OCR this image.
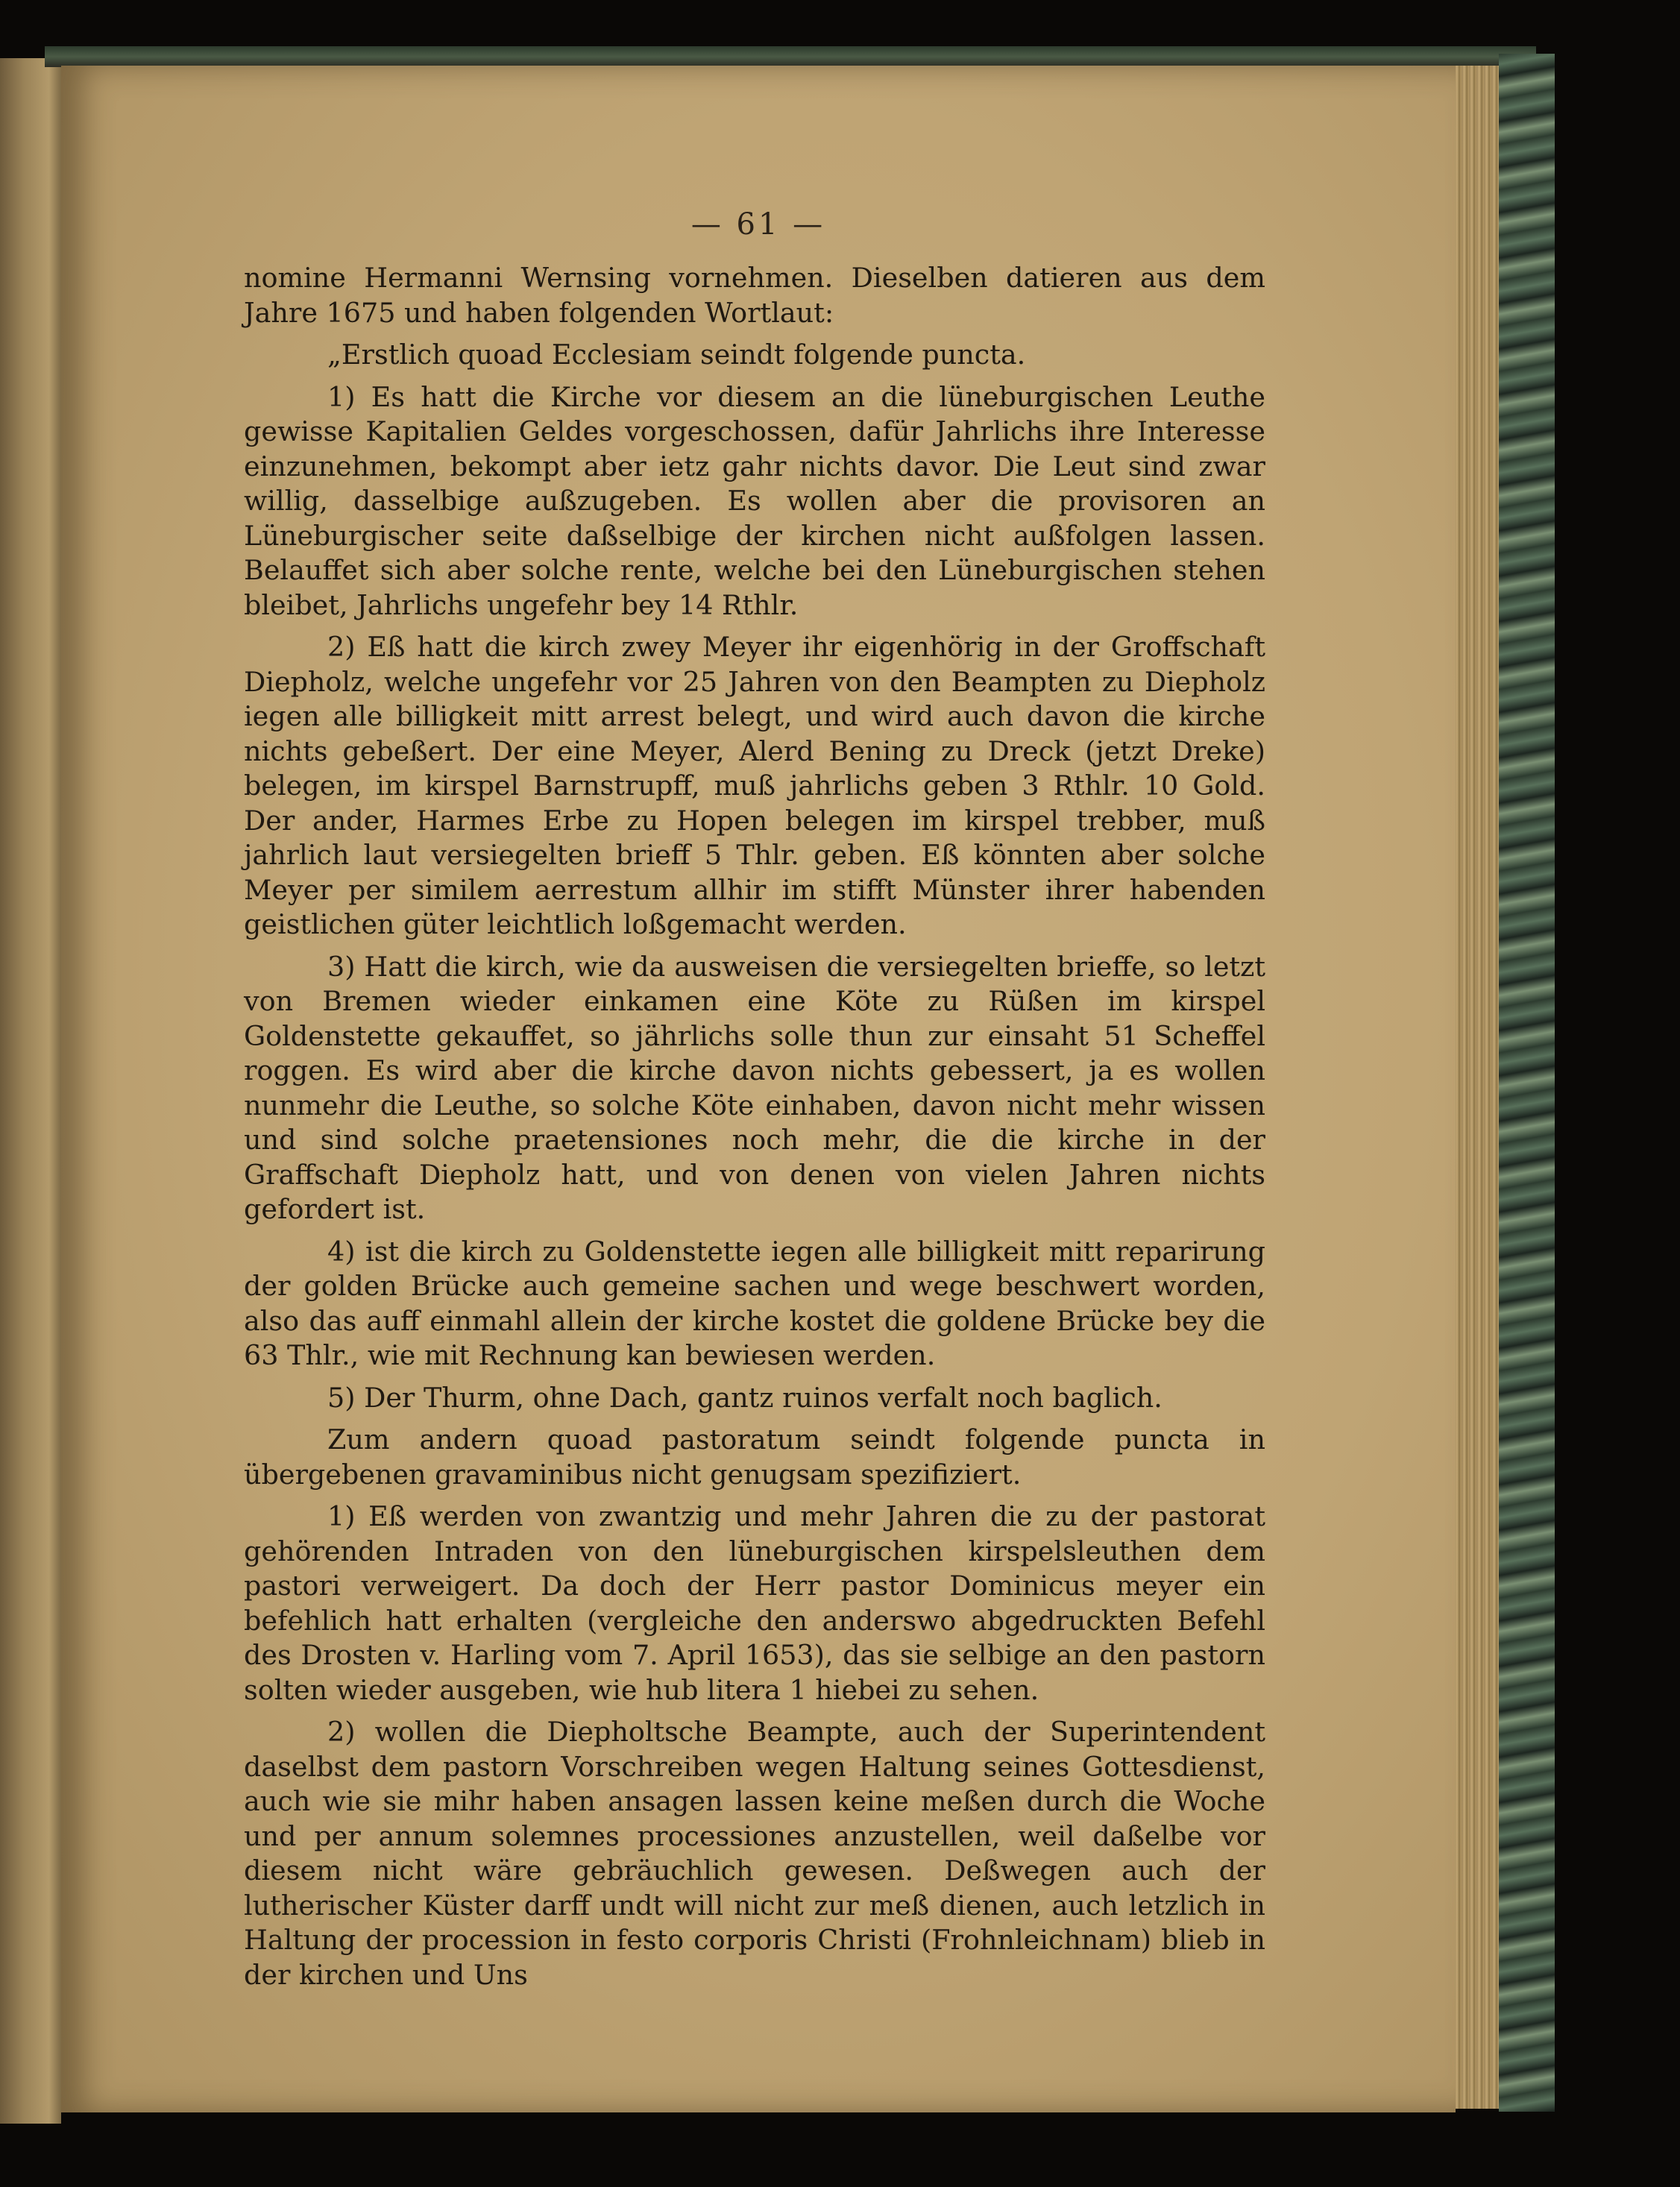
— 61 —

nomine Hermanni Wernsing vornehmen. Dieselben datieren aus dem Jahre 1675 und haben folgenden Wortlaut:

„Erstlich quoad Ecclesiam seindt folgende puncta.

1) Es hatt die Kirche vor diesem an die lüneburgischen Leuthe gewisse Kapitalien Geldes vorgeschossen, dafür Jahrlichs ihre Interesse einzunehmen, bekompt aber ietz gahr nichts davor. Die Leut sind zwar willig, dasselbige außzugeben. Es wollen aber die provisoren an Lüneburgischer seite daßselbige der kirchen nicht außfolgen lassen. Belauffet sich aber solche rente, welche bei den Lüneburgischen stehen bleibet, Jahrlichs ungefehr bey 14 Rthlr.

2) Eß hatt die kirch zwey Meyer ihr eigenhörig in der Groffschaft Diepholz, welche ungefehr vor 25 Jahren von den Beampten zu Diepholz iegen alle billigkeit mitt arrest belegt, und wird auch davon die kirche nichts gebeßert. Der eine Meyer, Alerd Bening zu Dreck (jetzt Dreke) belegen, im kirspel Barnstrupff, muß jahrlichs geben 3 Rthlr. 10 Gold. Der ander, Harmes Erbe zu Hopen belegen im kirspel trebber, muß jahrlich laut versiegelten brieff 5 Thlr. geben. Eß könnten aber solche Meyer per similem aerrestum allhir im stifft Münster ihrer habenden geistlichen güter leichtlich loßgemacht werden.

3) Hatt die kirch, wie da ausweisen die versiegelten brieffe, so letzt von Bremen wieder einkamen eine Köte zu Rüßen im kirspel Goldenstette gekauffet, so jährlichs solle thun zur einsaht 51 Scheffel roggen. Es wird aber die kirche davon nichts gebessert, ja es wollen nunmehr die Leuthe, so solche Köte einhaben, davon nicht mehr wissen und sind solche praetensiones noch mehr, die die kirche in der Graffschaft Diepholz hatt, und von denen von vielen Jahren nichts gefordert ist.

4) ist die kirch zu Goldenstette iegen alle billigkeit mitt reparirung der golden Brücke auch gemeine sachen und wege beschwert worden, also das auff einmahl allein der kirche kostet die goldene Brücke bey die 63 Thlr., wie mit Rechnung kan bewiesen werden.

5) Der Thurm, ohne Dach, gantz ruinos verfalt noch baglich.

Zum andern quoad pastoratum seindt folgende puncta in übergebenen gravaminibus nicht genugsam spezifiziert.

1) Eß werden von zwantzig und mehr Jahren die zu der pastorat gehörenden Intraden von den lüneburgischen kirspelsleuthen dem pastori verweigert. Da doch der Herr pastor Dominicus meyer ein befehlich hatt erhalten (vergleiche den anderswo abgedruckten Befehl des Drosten v. Harling vom 7. April 1653), das sie selbige an den pastorn solten wieder ausgeben, wie hub litera 1 hiebei zu sehen.

2) wollen die Diepholtsche Beampte, auch der Superintendent daselbst dem pastorn Vorschreiben wegen Haltung seines Gottesdienst, auch wie sie mihr haben ansagen lassen keine meßen durch die Woche und per annum solemnes processiones anzustellen, weil daßelbe vor diesem nicht wäre gebräuchlich gewesen. Deßwegen auch der lutherischer Küster darff undt will nicht zur meß dienen, auch letzlich in Haltung der procession in festo corporis Christi (Frohnleichnam) blieb in der kirchen und Uns
